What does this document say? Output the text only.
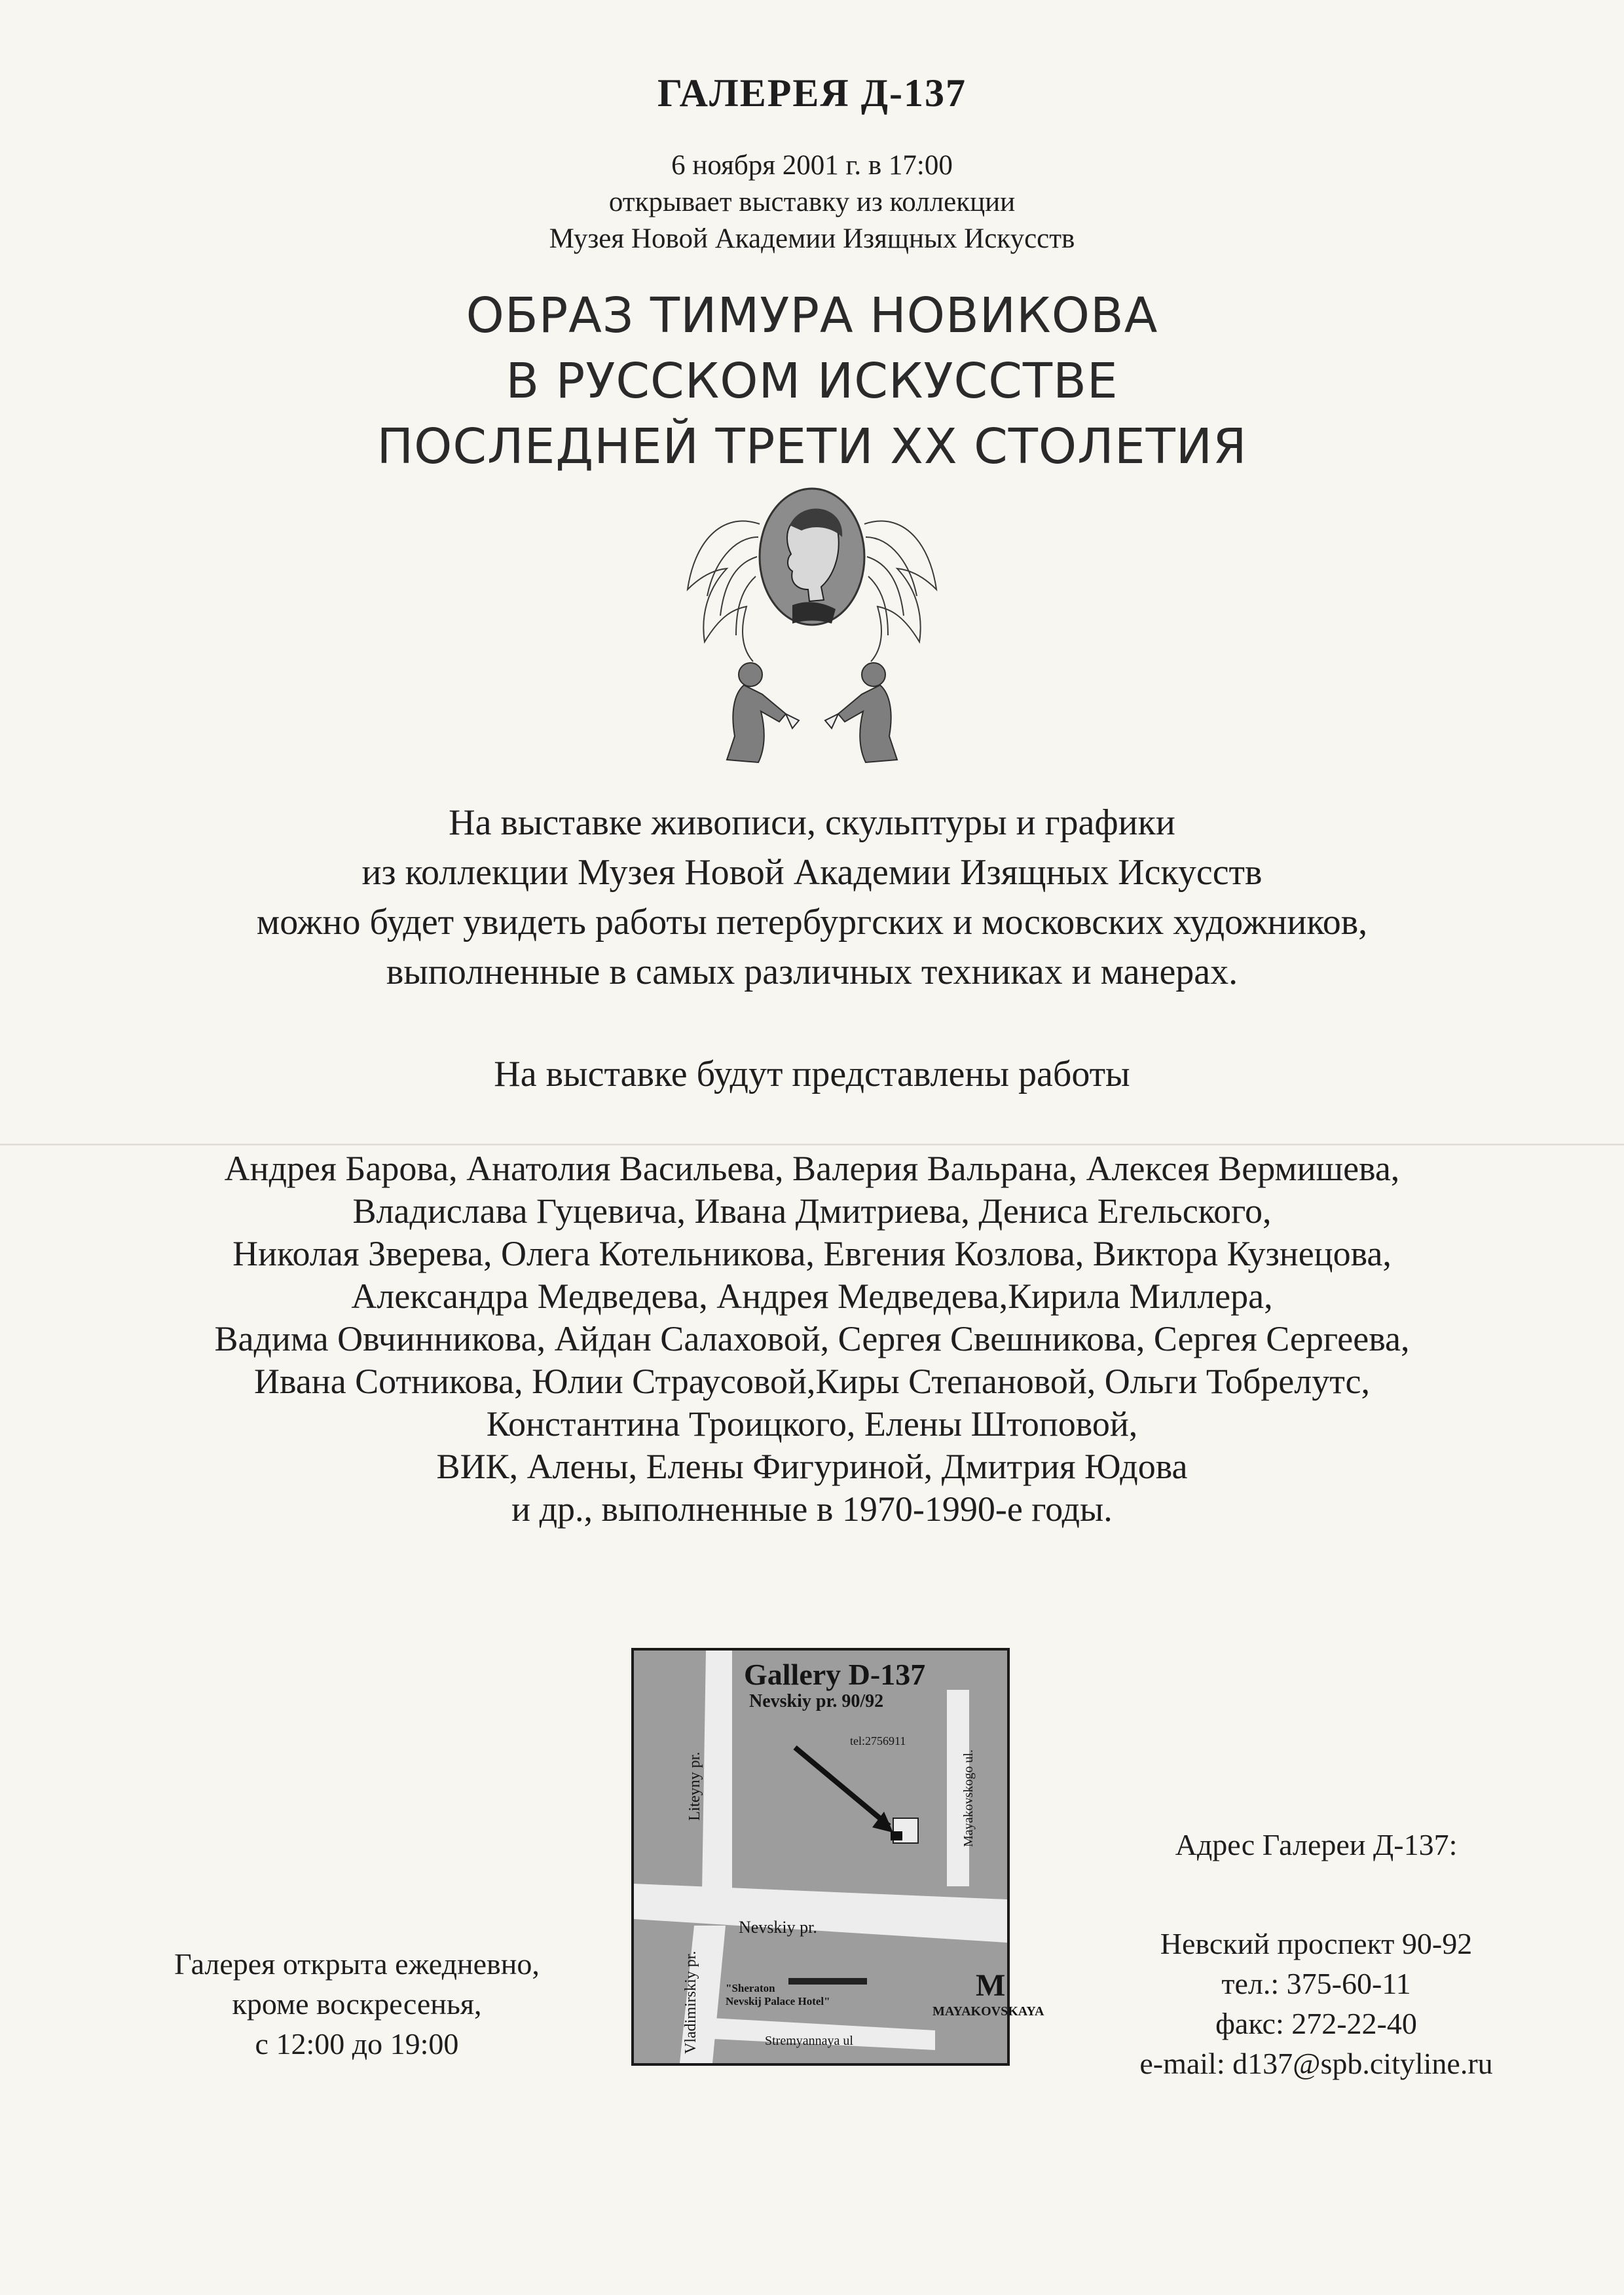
ГАЛЕРЕЯ Д-137
6 ноября 2001 г. в 17:00
открывает выставку из коллекции
Музея Новой Академии Изящных Искусств
ОБРАЗ ТИМУРА НОВИКОВА
В РУССКОМ ИСКУССТВЕ
ПОСЛЕДНЕЙ ТРЕТИ ХХ СТОЛЕТИЯ
На выставке живописи, скульптуры и графики
из коллекции Музея Новой Академии Изящных Искусств
можно будет увидеть работы петербургских и московских художников,
выполненные в самых различных техниках и манерах.
На выставке будут представлены работы
Андрея Барова, Анатолия Васильева, Валерия Вальрана, Алексея Вермишева,
Владислава Гуцевича, Ивана Дмитриева, Дениса Егельского,
Николая Зверева, Олега Котельникова, Евгения Козлова, Виктора Кузнецова,
Александра Медведева, Андрея Медведева,Кирила Миллера,
Вадима Овчинникова, Айдан Салаховой, Сергея Свешникова, Сергея Сергеева,
Ивана Сотникова, Юлии Страусовой,Киры Степановой, Ольги Тобрелутс,
Константина Троицкого, Елены Штоповой,
ВИК, Алены, Елены Фигуриной, Дмитрия Юдова
и др., выполненные в 1970-1990-е годы.
Gallery D-137
Nevskiy pr. 90/92
tel:2756911
Liteyny pr.	Mayakovskogo ul.
Nevskiy pr.
"Sheraton
Nevskij Palace Hotel"	M
MAYAKOVSKAYA
Stremyannaya ul
Vladimirskiy pr.
Галерея открыта ежедневно,
кроме воскресенья,
с 12:00 до 19:00
Адрес Галереи Д-137:
Невский проспект 90-92
тел.: 375-60-11
факс: 272-22-40
e-mail: d137@spb.cityline.ru
